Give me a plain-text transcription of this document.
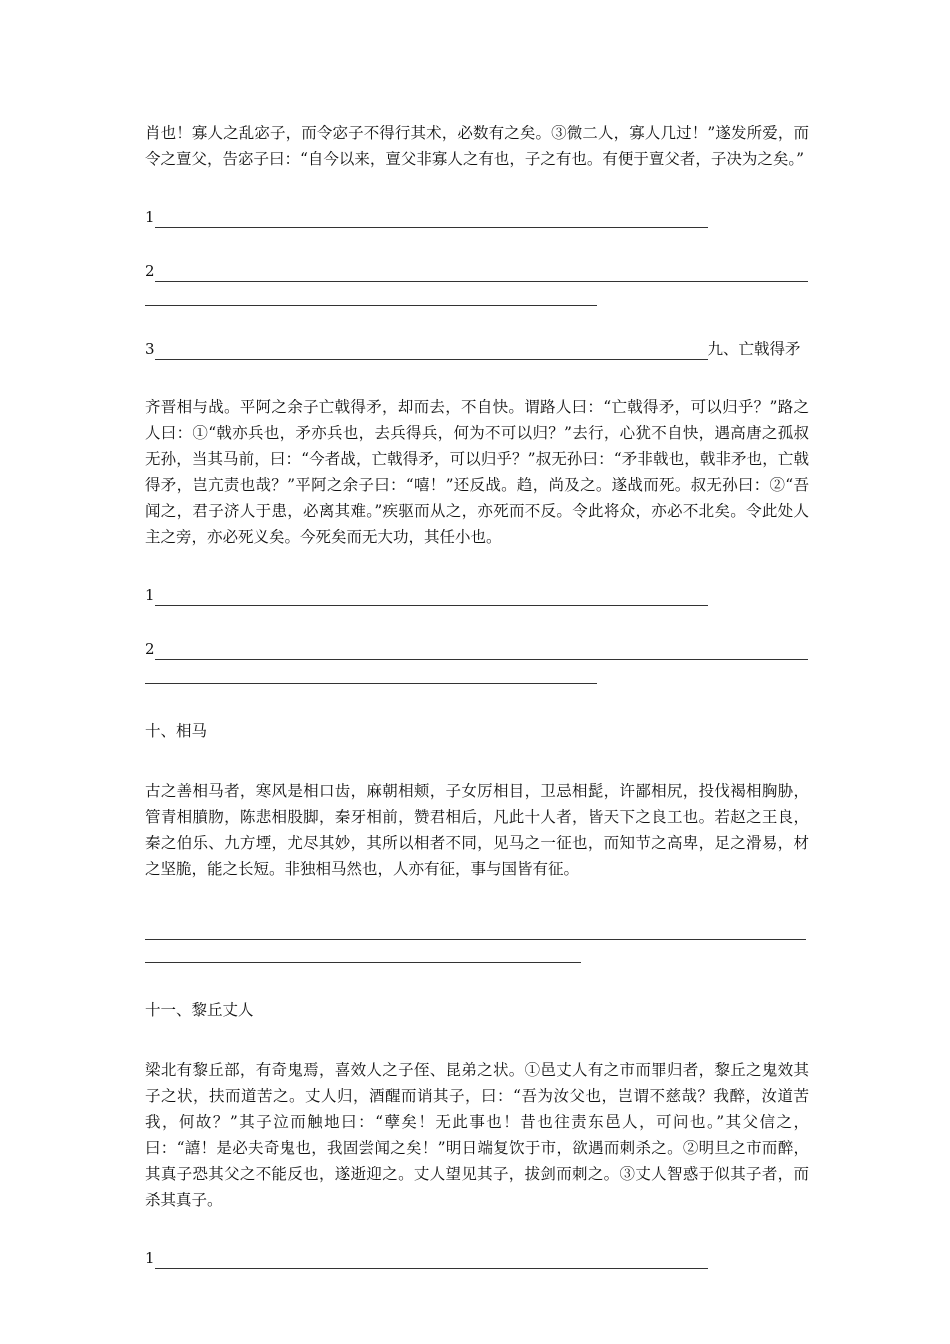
肖也！寡人之乱宓子，而令宓子不得行其术，必数有之矣。③微二人，寡人几过！”遂发所爱，而令之亶父，告宓子曰：“自今以来，亶父非寡人之有也，子之有也。有便于亶父者，子决为之矣。”

1
2
3	九、亡戟得矛

齐晋相与战。平阿之余子亡戟得矛，却而去，不自快。谓路人曰：“亡戟得矛，可以归乎？”路之人曰：①“戟亦兵也，矛亦兵也，去兵得兵，何为不可以归？”去行，心犹不自快，遇高唐之孤叔无孙，当其马前，曰：“今者战，亡戟得矛，可以归乎？”叔无孙曰：“矛非戟也，戟非矛也，亡戟得矛，岂亢责也哉？”平阿之余子曰：“嘻！”还反战。趋，尚及之。遂战而死。叔无孙曰：②“吾闻之，君子济人于患，必离其难。”疾驱而从之，亦死而不反。令此将众，亦必不北矣。令此处人主之旁，亦必死义矣。今死矣而无大功，其任小也。

1
2
十、相马

古之善相马者，寒风是相口齿，麻朝相颊，子女厉相目，卫忌相髭，许鄙相尻，投伐褐相胸胁，管青相膹肳，陈悲相股脚，秦牙相前，赞君相后，凡此十人者，皆天下之良工也。若赵之王良，秦之伯乐、九方堙，尤尽其妙，其所以相者不同，见马之一征也，而知节之高卑，足之滑易，材之坚脆，能之长短。非独相马然也，人亦有征，事与国皆有征。

十一、黎丘丈人

梁北有黎丘部，有奇鬼焉，喜效人之子侄、昆弟之状。①邑丈人有之市而罪归者，黎丘之鬼效其子之状，扶而道苦之。丈人归，酒醒而诮其子，曰：“吾为汝父也，岂谓不慈哉？我醉，汝道苦我，何故？”其子泣而触地曰：“孽矣！无此事也！昔也往责东邑人，可问也。”其父信之，曰：“譆！是必夫奇鬼也，我固尝闻之矣！”明日端复饮于市，欲遇而刺杀之。②明旦之市而醉，其真子恐其父之不能反也，遂逝迎之。丈人望见其子，拔剑而刺之。③丈人智惑于似其子者，而杀其真子。

1
